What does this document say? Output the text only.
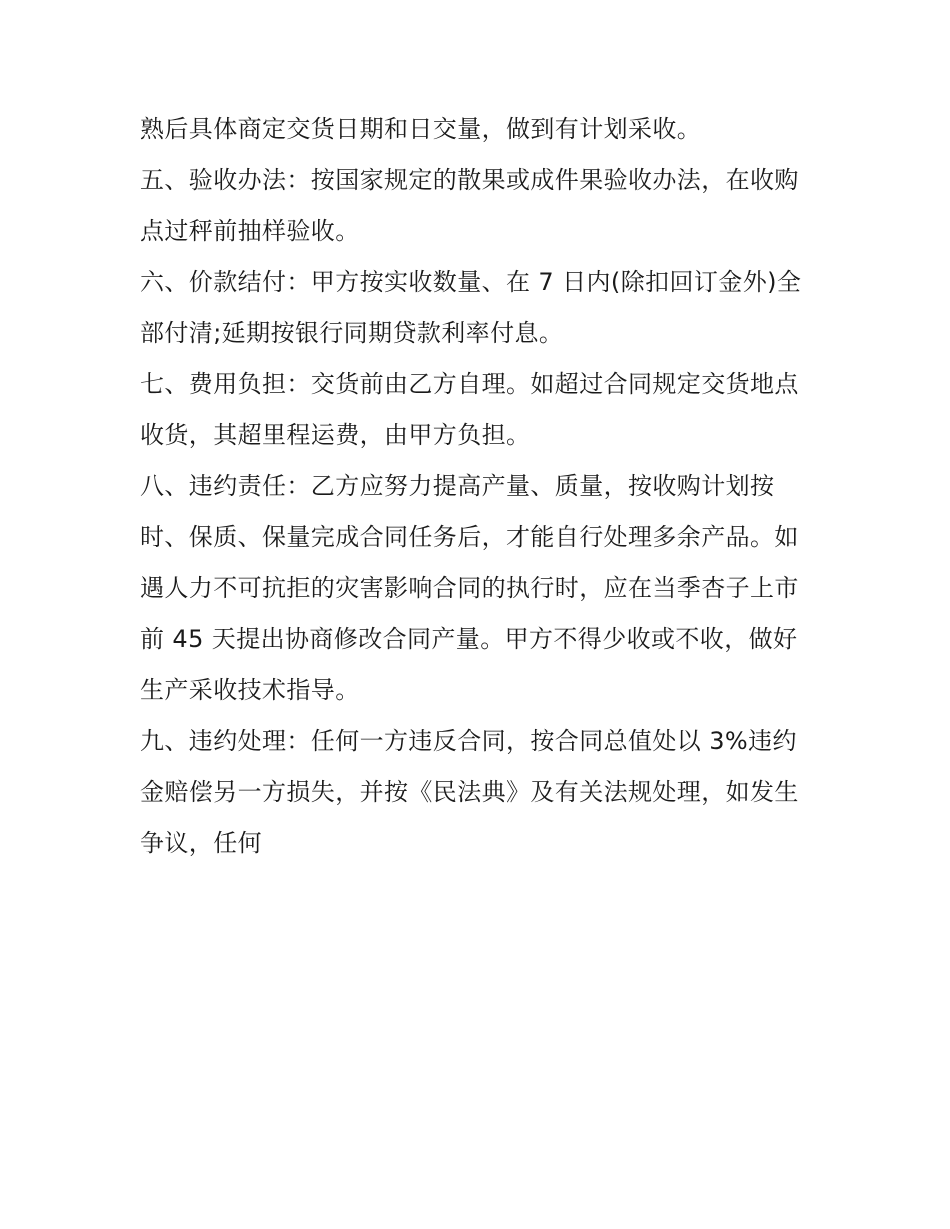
熟后具体商定交货日期和日交量，做到有计划采收。
五、验收办法：按国家规定的散果或成件果验收办法，在收购
点过秤前抽样验收。
六、价款结付：甲方按实收数量、在 7 日内(除扣回订金外)全
部付清;延期按银行同期贷款利率付息。
七、费用负担：交货前由乙方自理。如超过合同规定交货地点
收货，其超里程运费，由甲方负担。
八、违约责任：乙方应努力提高产量、质量，按收购计划按
时、保质、保量完成合同任务后，才能自行处理多余产品。如
遇人力不可抗拒的灾害影响合同的执行时，应在当季杏子上市
前 45 天提出协商修改合同产量。甲方不得少收或不收，做好
生产采收技术指导。
九、违约处理：任何一方违反合同，按合同总值处以 3%违约
金赔偿另一方损失，并按《民法典》及有关法规处理，如发生
争议，任何
